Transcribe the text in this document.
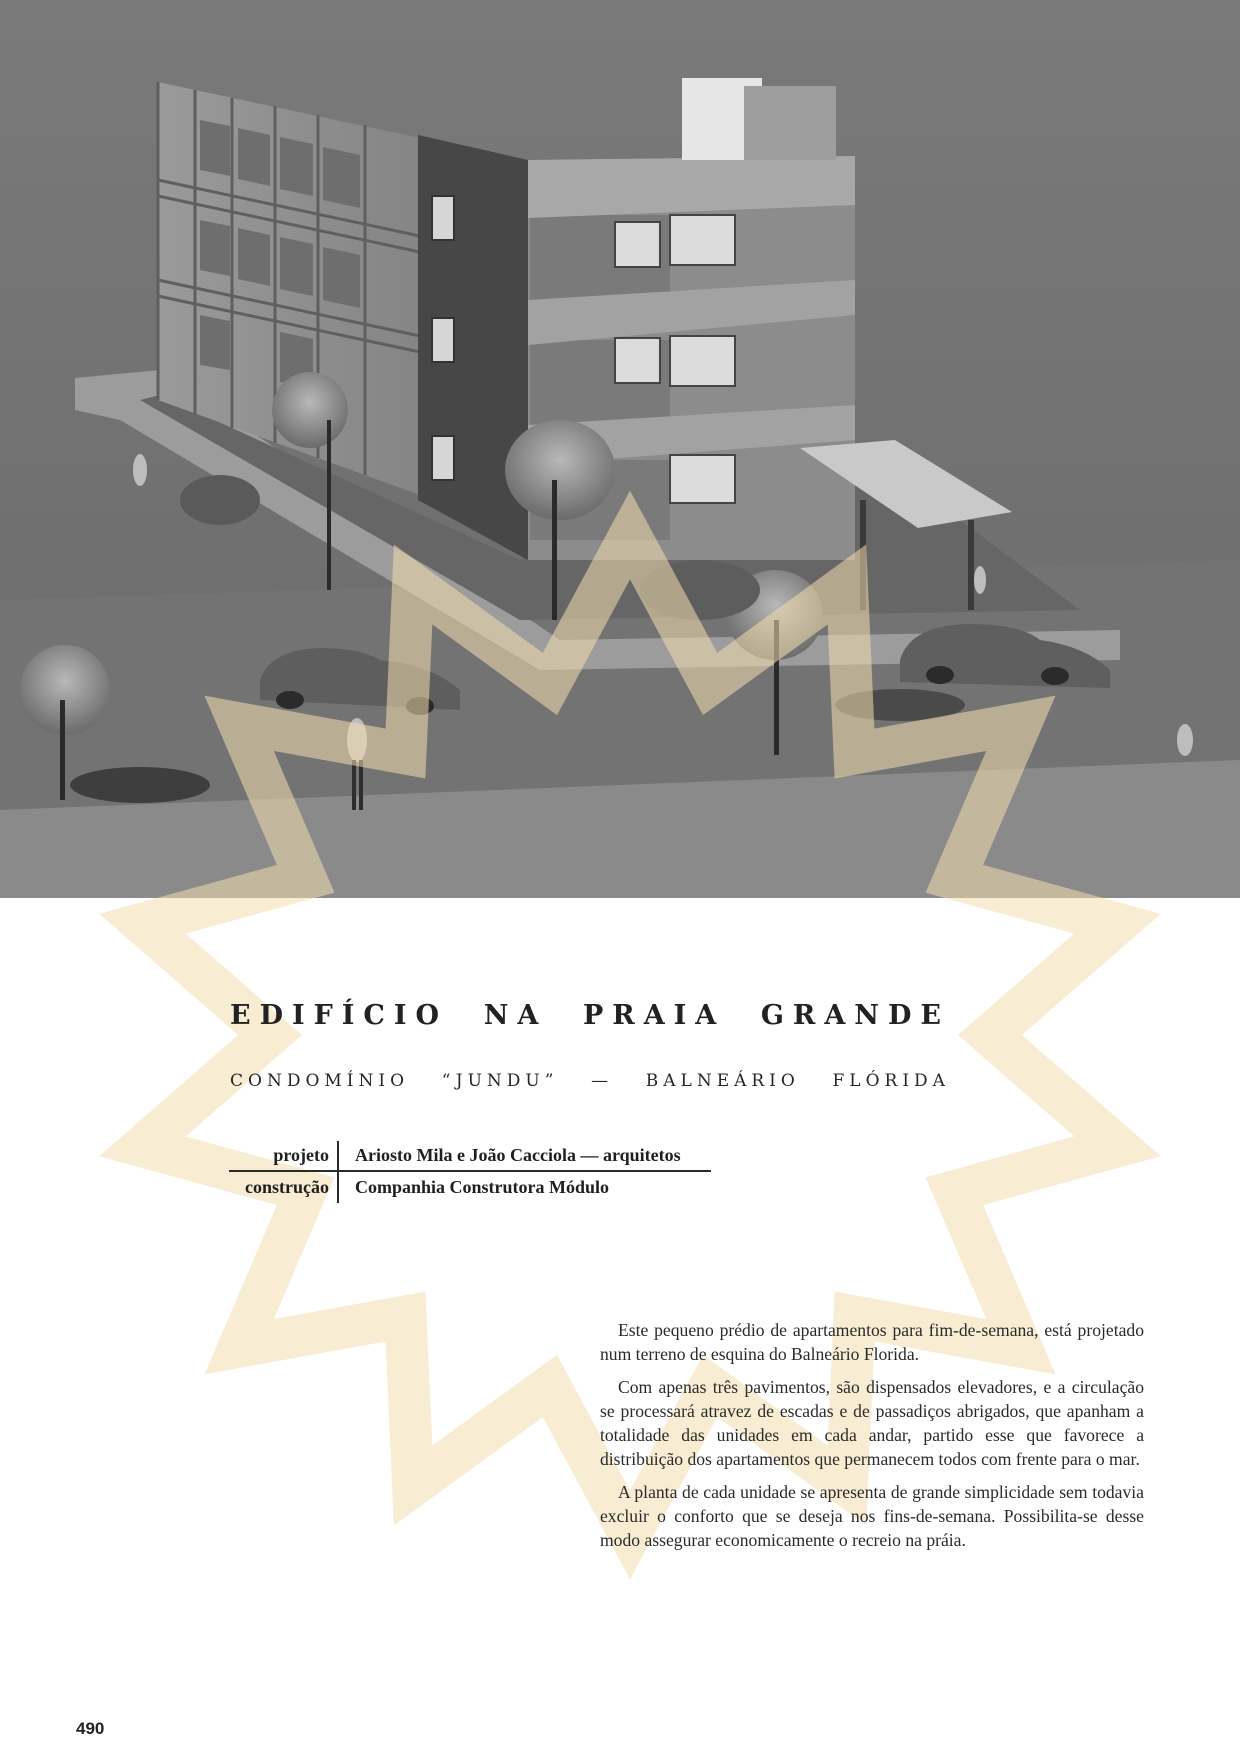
EDIFÍCIO NA PRAIA GRANDE
CONDOMÍNIO “JUNDU” — BALNEÁRIO FLÓRIDA
projeto	Ariosto Mila e João Cacciola — arquitetos
construção	Companhia Construtora Módulo

Este pequeno prédio de apartamentos para fim-de-semana, está projetado num terreno de esquina do Balneário Florida.

Com apenas três pavimentos, são dispensados elevadores, e a circulação se processará atravez de escadas e de passadiços abrigados, que apanham a totalidade das unidades em cada andar, partido esse que favorece a distribuição dos apartamentos que permanecem todos com frente para o mar.

A planta de cada unidade se apresenta de grande simplicidade sem todavia excluir o conforto que se deseja nos fins-de-semana. Possibilita-se desse modo assegurar economicamente o recreio na práia.

490
